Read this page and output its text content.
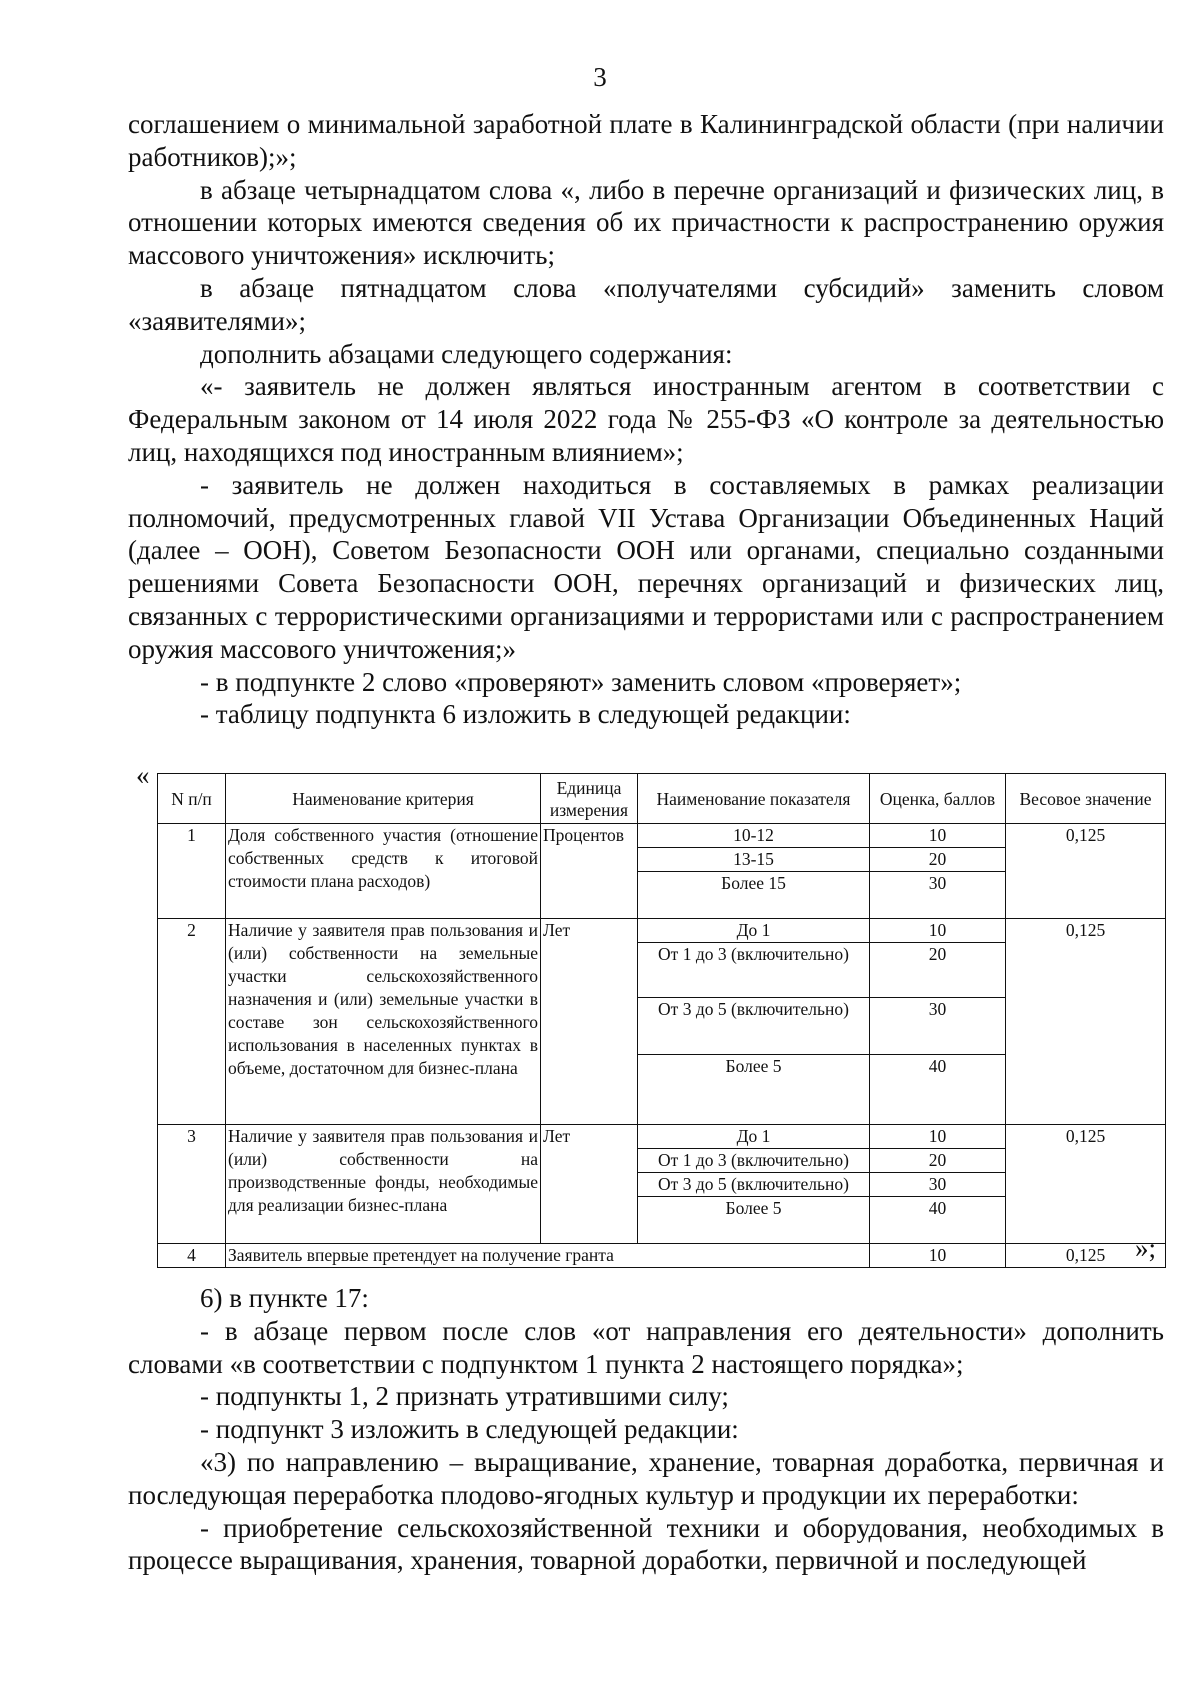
3

соглашением о минимальной заработной плате в Калининградской области (при наличии работников);»;

в абзаце четырнадцатом слова «, либо в перечне организаций и физических лиц, в отношении которых имеются сведения об их причастности к распространению оружия массового уничтожения» исключить;

в абзаце пятнадцатом слова «получателями субсидий» заменить словом «заявителями»;

дополнить абзацами следующего содержания:

«- заявитель не должен являться иностранным агентом в соответствии с Федеральным законом от 14 июля 2022 года № 255-ФЗ «О контроле за деятельностью лиц, находящихся под иностранным влиянием»;

- заявитель не должен находиться в составляемых в рамках реализации полномочий, предусмотренных главой VII Устава Организации Объединенных Наций (далее – ООН), Советом Безопасности ООН или органами, специально созданными решениями Совета Безопасности ООН, перечнях организаций и физических лиц, связанных с террористическими организациями и террористами или с распространением оружия массового уничтожения;»

- в подпункте 2 слово «проверяют» заменить словом «проверяет»;

- таблицу подпункта 6 изложить в следующей редакции:

«
N п/п	Наименование критерия	Единица измерения	Наименование показателя	Оценка, баллов	Весовое значение
1	Доля собственного участия (отношение собственных средств к итоговой стоимости плана расходов)	Процентов	10-12	10	0,125
			13-15	20	
			Более 15	30	
2	Наличие у заявителя прав пользования и (или) собственности на земельные участки сельскохозяйственного назначения и (или) земельные участки в составе зон сельскохозяйственного использования в населенных пунктах в объеме, достаточном для бизнес-плана	Лет	До 1	10	0,125
			От 1 до 3 (включительно)	20	
			От 3 до 5 (включительно)	30	
			Более 5	40	
3	Наличие у заявителя прав пользования и (или) собственности на производственные фонды, необходимые для реализации бизнес-плана	Лет	До 1	10	0,125
			От 1 до 3 (включительно)	20	
			От 3 до 5 (включительно)	30	
			Более 5	40	
4	Заявитель впервые претендует на получение гранта			10	0,125 »;

6) в пункте 17:

- в абзаце первом после слов «от направления его деятельности» дополнить словами «в соответствии с подпунктом 1 пункта 2 настоящего порядка»;

- подпункты 1, 2 признать утратившими силу;

- подпункт 3 изложить в следующей редакции:

«3) по направлению – выращивание, хранение, товарная доработка, первичная и последующая переработка плодово-ягодных культур и продукции их переработки:

- приобретение сельскохозяйственной техники и оборудования, необходимых в процессе выращивания, хранения, товарной доработки, первичной и последующей
